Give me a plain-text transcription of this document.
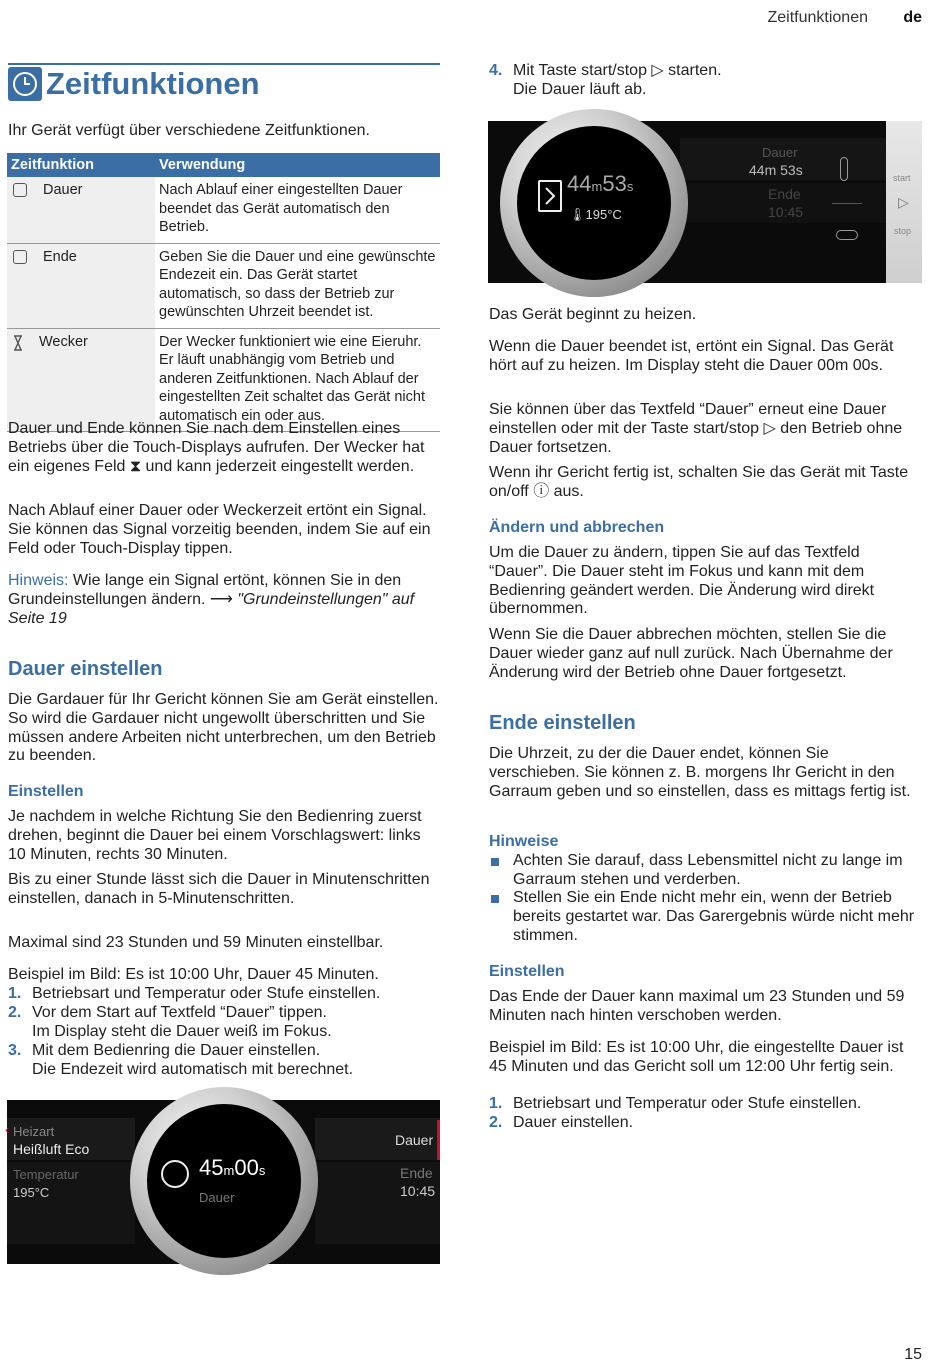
Zeitfunktionen de
Zeitfunktionen

Ihr Gerät verfügt über verschiedene Zeitfunktionen.

Zeitfunktion	Verwendung
Dauer	Nach Ablauf einer eingestellten Dauer beendet das Gerät automatisch den Betrieb.
Ende	Geben Sie die Dauer und eine gewünschte Endezeit ein. Das Gerät startet automatisch, so dass der Betrieb zur gewünschten Uhrzeit beendet ist.
Wecker	Der Wecker funktioniert wie eine Eieruhr. Er läuft unabhängig vom Betrieb und anderen Zeitfunktionen. Nach Ablauf der eingestellten Zeit schaltet das Gerät nicht automatisch ein oder aus.

Dauer und Ende können Sie nach dem Einstellen eines Betriebs über die Touch-Displays aufrufen. Der Wecker hat ein eigenes Feld ⧗ und kann jederzeit eingestellt werden.

Nach Ablauf einer Dauer oder Weckerzeit ertönt ein Signal. Sie können das Signal vorzeitig beenden, indem Sie auf ein Feld oder Touch-Display tippen.

Hinweis: Wie lange ein Signal ertönt, können Sie in den Grundeinstellungen ändern. ⟶ "Grundeinstellungen" auf Seite 19

Dauer einstellen

Die Gardauer für Ihr Gericht können Sie am Gerät einstellen. So wird die Gardauer nicht ungewollt überschritten und Sie müssen andere Arbeiten nicht unterbrechen, um den Betrieb zu beenden.

Einstellen

Je nachdem in welche Richtung Sie den Bedienring zuerst drehen, beginnt die Dauer bei einem Vorschlagswert: links 10 Minuten, rechts 30 Minuten.

Bis zu einer Stunde lässt sich die Dauer in Minutenschritten einstellen, danach in 5-Minutenschritten.

Maximal sind 23 Stunden und 59 Minuten einstellbar.

Beispiel im Bild: Es ist 10:00 Uhr, Dauer 45 Minuten.

1. Betriebsart und Temperatur oder Stufe einstellen.
2. Vor dem Start auf Textfeld “Dauer” tippen.
Im Display steht die Dauer weiß im Fokus.
3. Mit dem Bedienring die Dauer einstellen.
Die Endezeit wird automatisch mit berechnet.
‹ Heizart
Heißluft Eco
Temperatur
195°C
Dauer
Ende
10:45
45m00s
Dauer
4. Mit Taste start/stop ▷ starten.
Die Dauer läuft ab.
Dauer
44m 53s
Ende
10:45
start
▷
stop
44m53s
🌡195°C

Das Gerät beginnt zu heizen.

Wenn die Dauer beendet ist, ertönt ein Signal. Das Gerät hört auf zu heizen. Im Display steht die Dauer 00m 00s.

Sie können über das Textfeld “Dauer” erneut eine Dauer einstellen oder mit der Taste start/stop ▷ den Betrieb ohne Dauer fortsetzen.

Wenn ihr Gericht fertig ist, schalten Sie das Gerät mit Taste on/off ⓘ aus.

Ändern und abbrechen

Um die Dauer zu ändern, tippen Sie auf das Textfeld “Dauer”. Die Dauer steht im Fokus und kann mit dem Bedienring geändert werden. Die Änderung wird direkt übernommen.

Wenn Sie die Dauer abbrechen möchten, stellen Sie die Dauer wieder ganz auf null zurück. Nach Übernahme der Änderung wird der Betrieb ohne Dauer fortgesetzt.

Ende einstellen

Die Uhrzeit, zu der die Dauer endet, können Sie verschieben. Sie können z. B. morgens Ihr Gericht in den Garraum geben und so einstellen, dass es mittags fertig ist.

Hinweise
Achten Sie darauf, dass Lebensmittel nicht zu lange im Garraum stehen und verderben.
Stellen Sie ein Ende nicht mehr ein, wenn der Betrieb bereits gestartet war. Das Garergebnis würde nicht mehr stimmen.
Einstellen

Das Ende der Dauer kann maximal um 23 Stunden und 59 Minuten nach hinten verschoben werden.

Beispiel im Bild: Es ist 10:00 Uhr, die eingestellte Dauer ist 45 Minuten und das Gericht soll um 12:00 Uhr fertig sein.

1. Betriebsart und Temperatur oder Stufe einstellen.
2. Dauer einstellen.
15
